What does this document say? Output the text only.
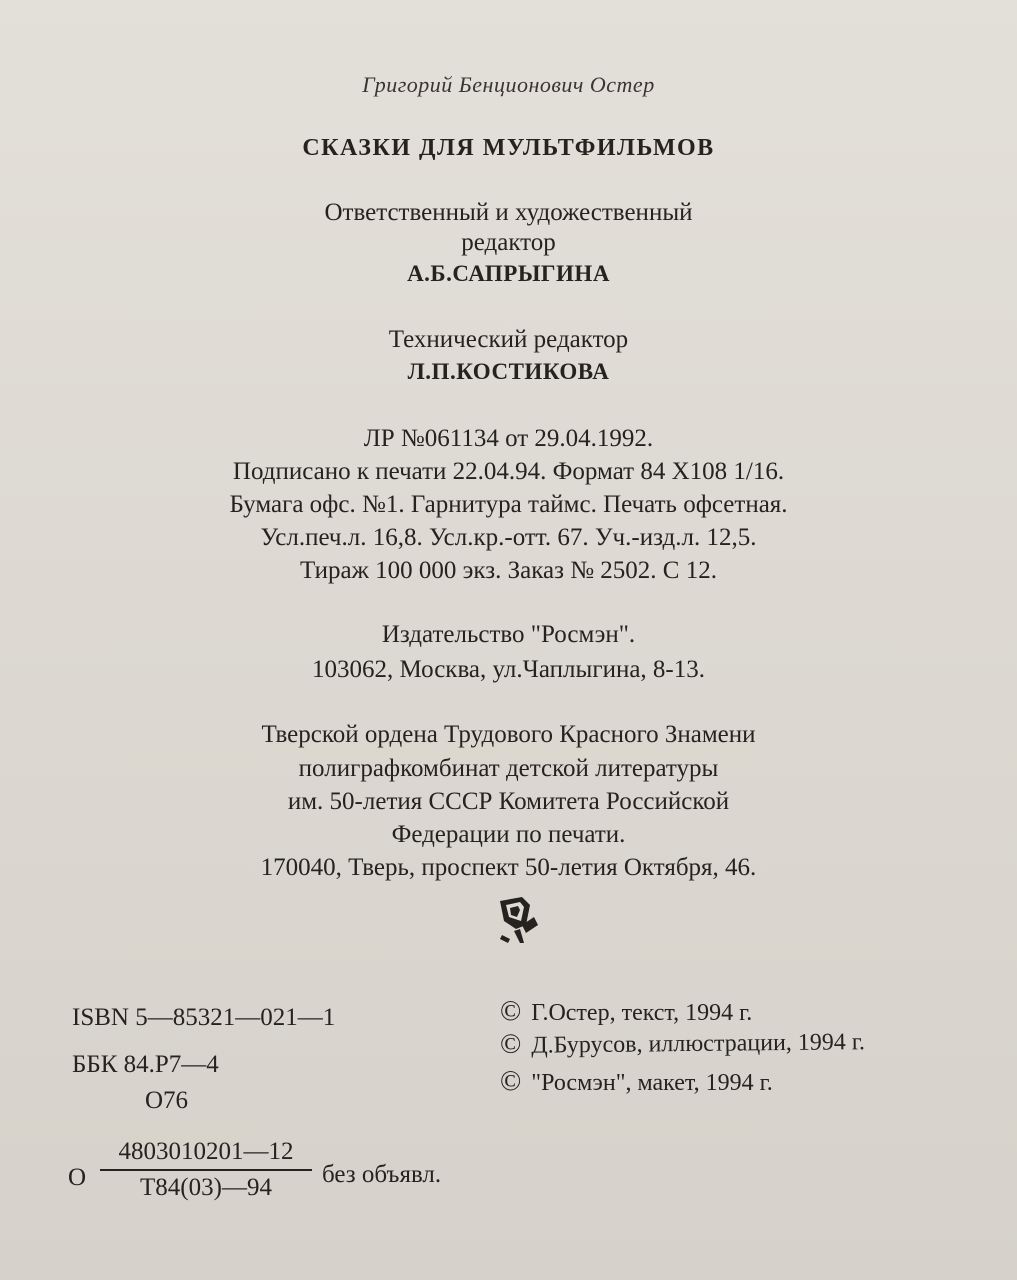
Григорий Бенционович Остер
СКАЗКИ ДЛЯ МУЛЬТФИЛЬМОВ
Ответственный и художественный
редактор
А.Б.САПРЫГИНА
Технический редактор
Л.П.КОСТИКОВА
ЛР №061134 от 29.04.1992.
Подписано к печати 22.04.94. Формат 84 X108 1/16.
Бумага офс. №1. Гарнитура таймс. Печать офсетная.
Усл.печ.л. 16,8. Усл.кр.-отт. 67. Уч.-изд.л. 12,5.
Тираж 100 000 экз. Заказ № 2502. С 12.
Издательство "Росмэн".
103062, Москва, ул.Чаплыгина, 8-13.
Тверской ордена Трудового Красного Знамени
полиграфкомбинат детской литературы
им. 50-летия СССР Комитета Российской
Федерации по печати.
170040, Тверь, проспект 50-летия Октября, 46.
ISBN 5—85321—021—1
ББК 84.Р7—4
О76
О
4803010201—12
Т84(03)—94	без объявл.
© Г.Остер, текст, 1994 г.
© Д.Бурусов, иллюстрации, 1994 г.
© "Росмэн", макет, 1994 г.
